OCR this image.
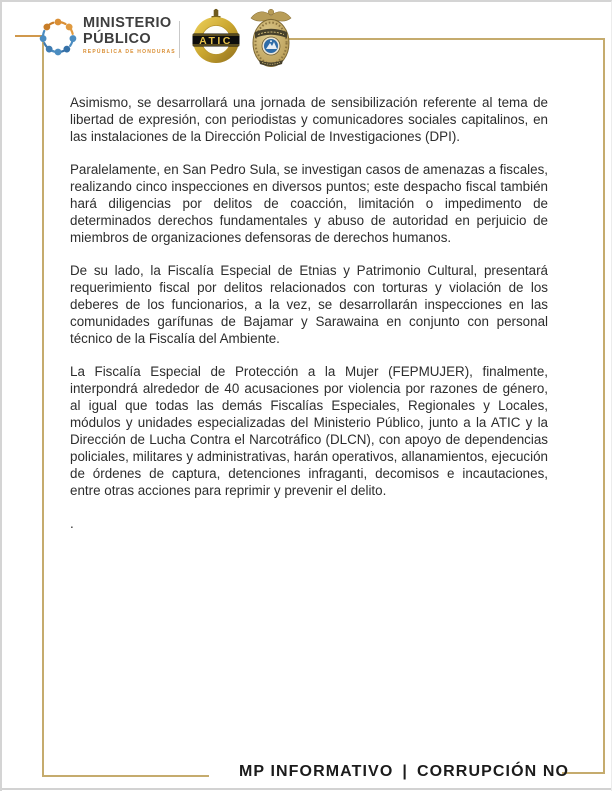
MINISTERIO
PÚBLICO
REPÚBLICA DE HONDURAS
ATIC

Asimismo, se desarrollará una jornada de sensibilización referente al tema de libertad de expresión, con periodistas y comunicadores sociales capitalinos, en las instalaciones de la Dirección Policial de Investigaciones (DPI).

Paralelamente, en San Pedro Sula, se investigan casos de amenazas a fiscales, realizando cinco inspecciones en diversos puntos; este despacho fiscal también hará diligencias por delitos de coacción, limitación o impedimento de determinados derechos fundamentales y abuso de autoridad en perjuicio de miembros de organizaciones defensoras de derechos humanos.

De su lado, la Fiscalía Especial de Etnias y Patrimonio Cultural, presentará requerimiento fiscal por delitos relacionados con torturas y violación de los deberes de los funcionarios, a la vez, se desarrollarán inspecciones en las comunidades garífunas de Bajamar y Sarawaina en conjunto con personal técnico de la Fiscalía del Ambiente.

La Fiscalía Especial de Protección a la Mujer (FEPMUJER), finalmente, interpondrá alrededor de 40 acusaciones por violencia por razones de género, al igual que todas las demás Fiscalías Especiales, Regionales y Locales, módulos y unidades especializadas del Ministerio Público, junto a la ATIC y la Dirección de Lucha Contra el Narcotráfico (DLCN), con apoyo de dependencias policiales, militares y administrativas, harán operativos, allanamientos, ejecución de órdenes de captura, detenciones infraganti, decomisos e incautaciones, entre otras acciones para reprimir y prevenir el delito.

.

MP INFORMATIVO | CORRUPCIÓN NO
